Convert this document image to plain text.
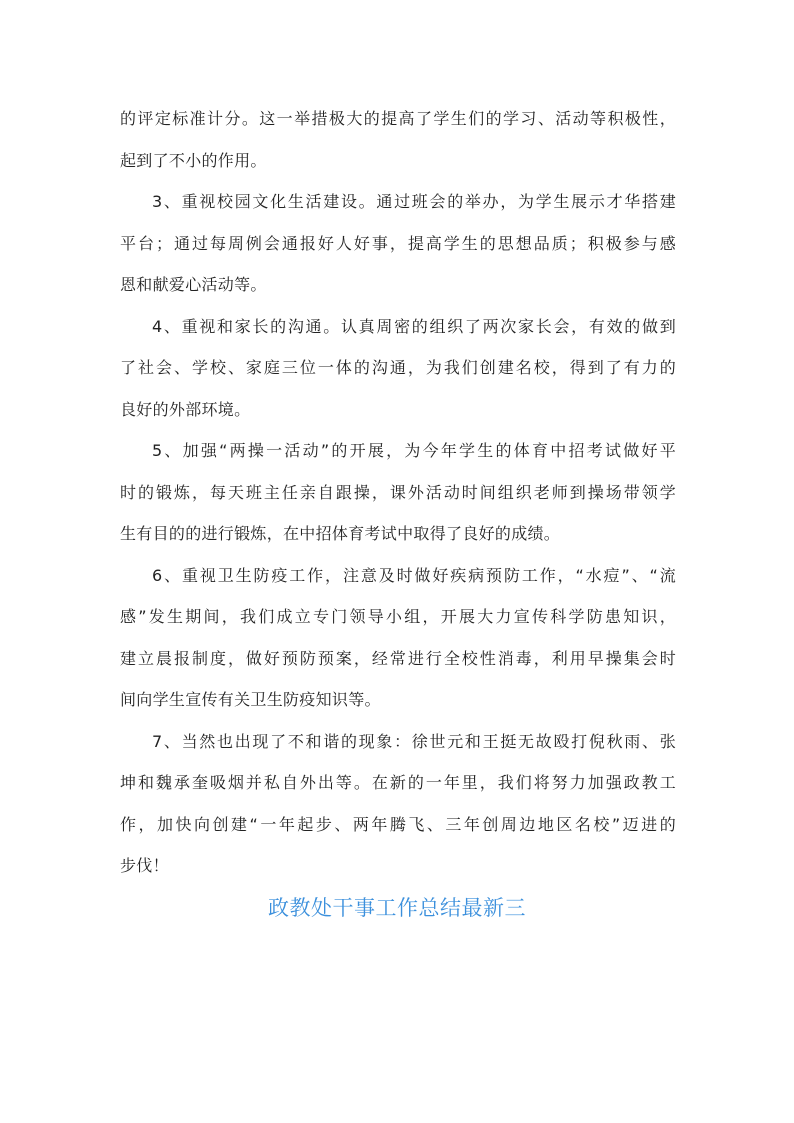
的评定标准计分。这一举措极大的提高了学生们的学习、活动等积极性，
起到了不小的作用。
3、重视校园文化生活建设。通过班会的举办，为学生展示才华搭建
平台；通过每周例会通报好人好事，提高学生的思想品质；积极参与感
恩和献爱心活动等。
4、重视和家长的沟通。认真周密的组织了两次家长会，有效的做到
了社会、学校、家庭三位一体的沟通，为我们创建名校，得到了有力的
良好的外部环境。
5、加强“两操一活动”的开展，为今年学生的体育中招考试做好平
时的锻炼，每天班主任亲自跟操，课外活动时间组织老师到操场带领学
生有目的的进行锻炼，在中招体育考试中取得了良好的成绩。
6、重视卫生防疫工作，注意及时做好疾病预防工作，“水痘”、“流
感”发生期间，我们成立专门领导小组，开展大力宣传科学防患知识，
建立晨报制度，做好预防预案，经常进行全校性消毒，利用早操集会时
间向学生宣传有关卫生防疫知识等。
7、当然也出现了不和谐的现象：徐世元和王挺无故殴打倪秋雨、张
坤和魏承奎吸烟并私自外出等。在新的一年里，我们将努力加强政教工
作，加快向创建“一年起步、两年腾飞、三年创周边地区名校”迈进的
步伐！
政教处干事工作总结最新三
